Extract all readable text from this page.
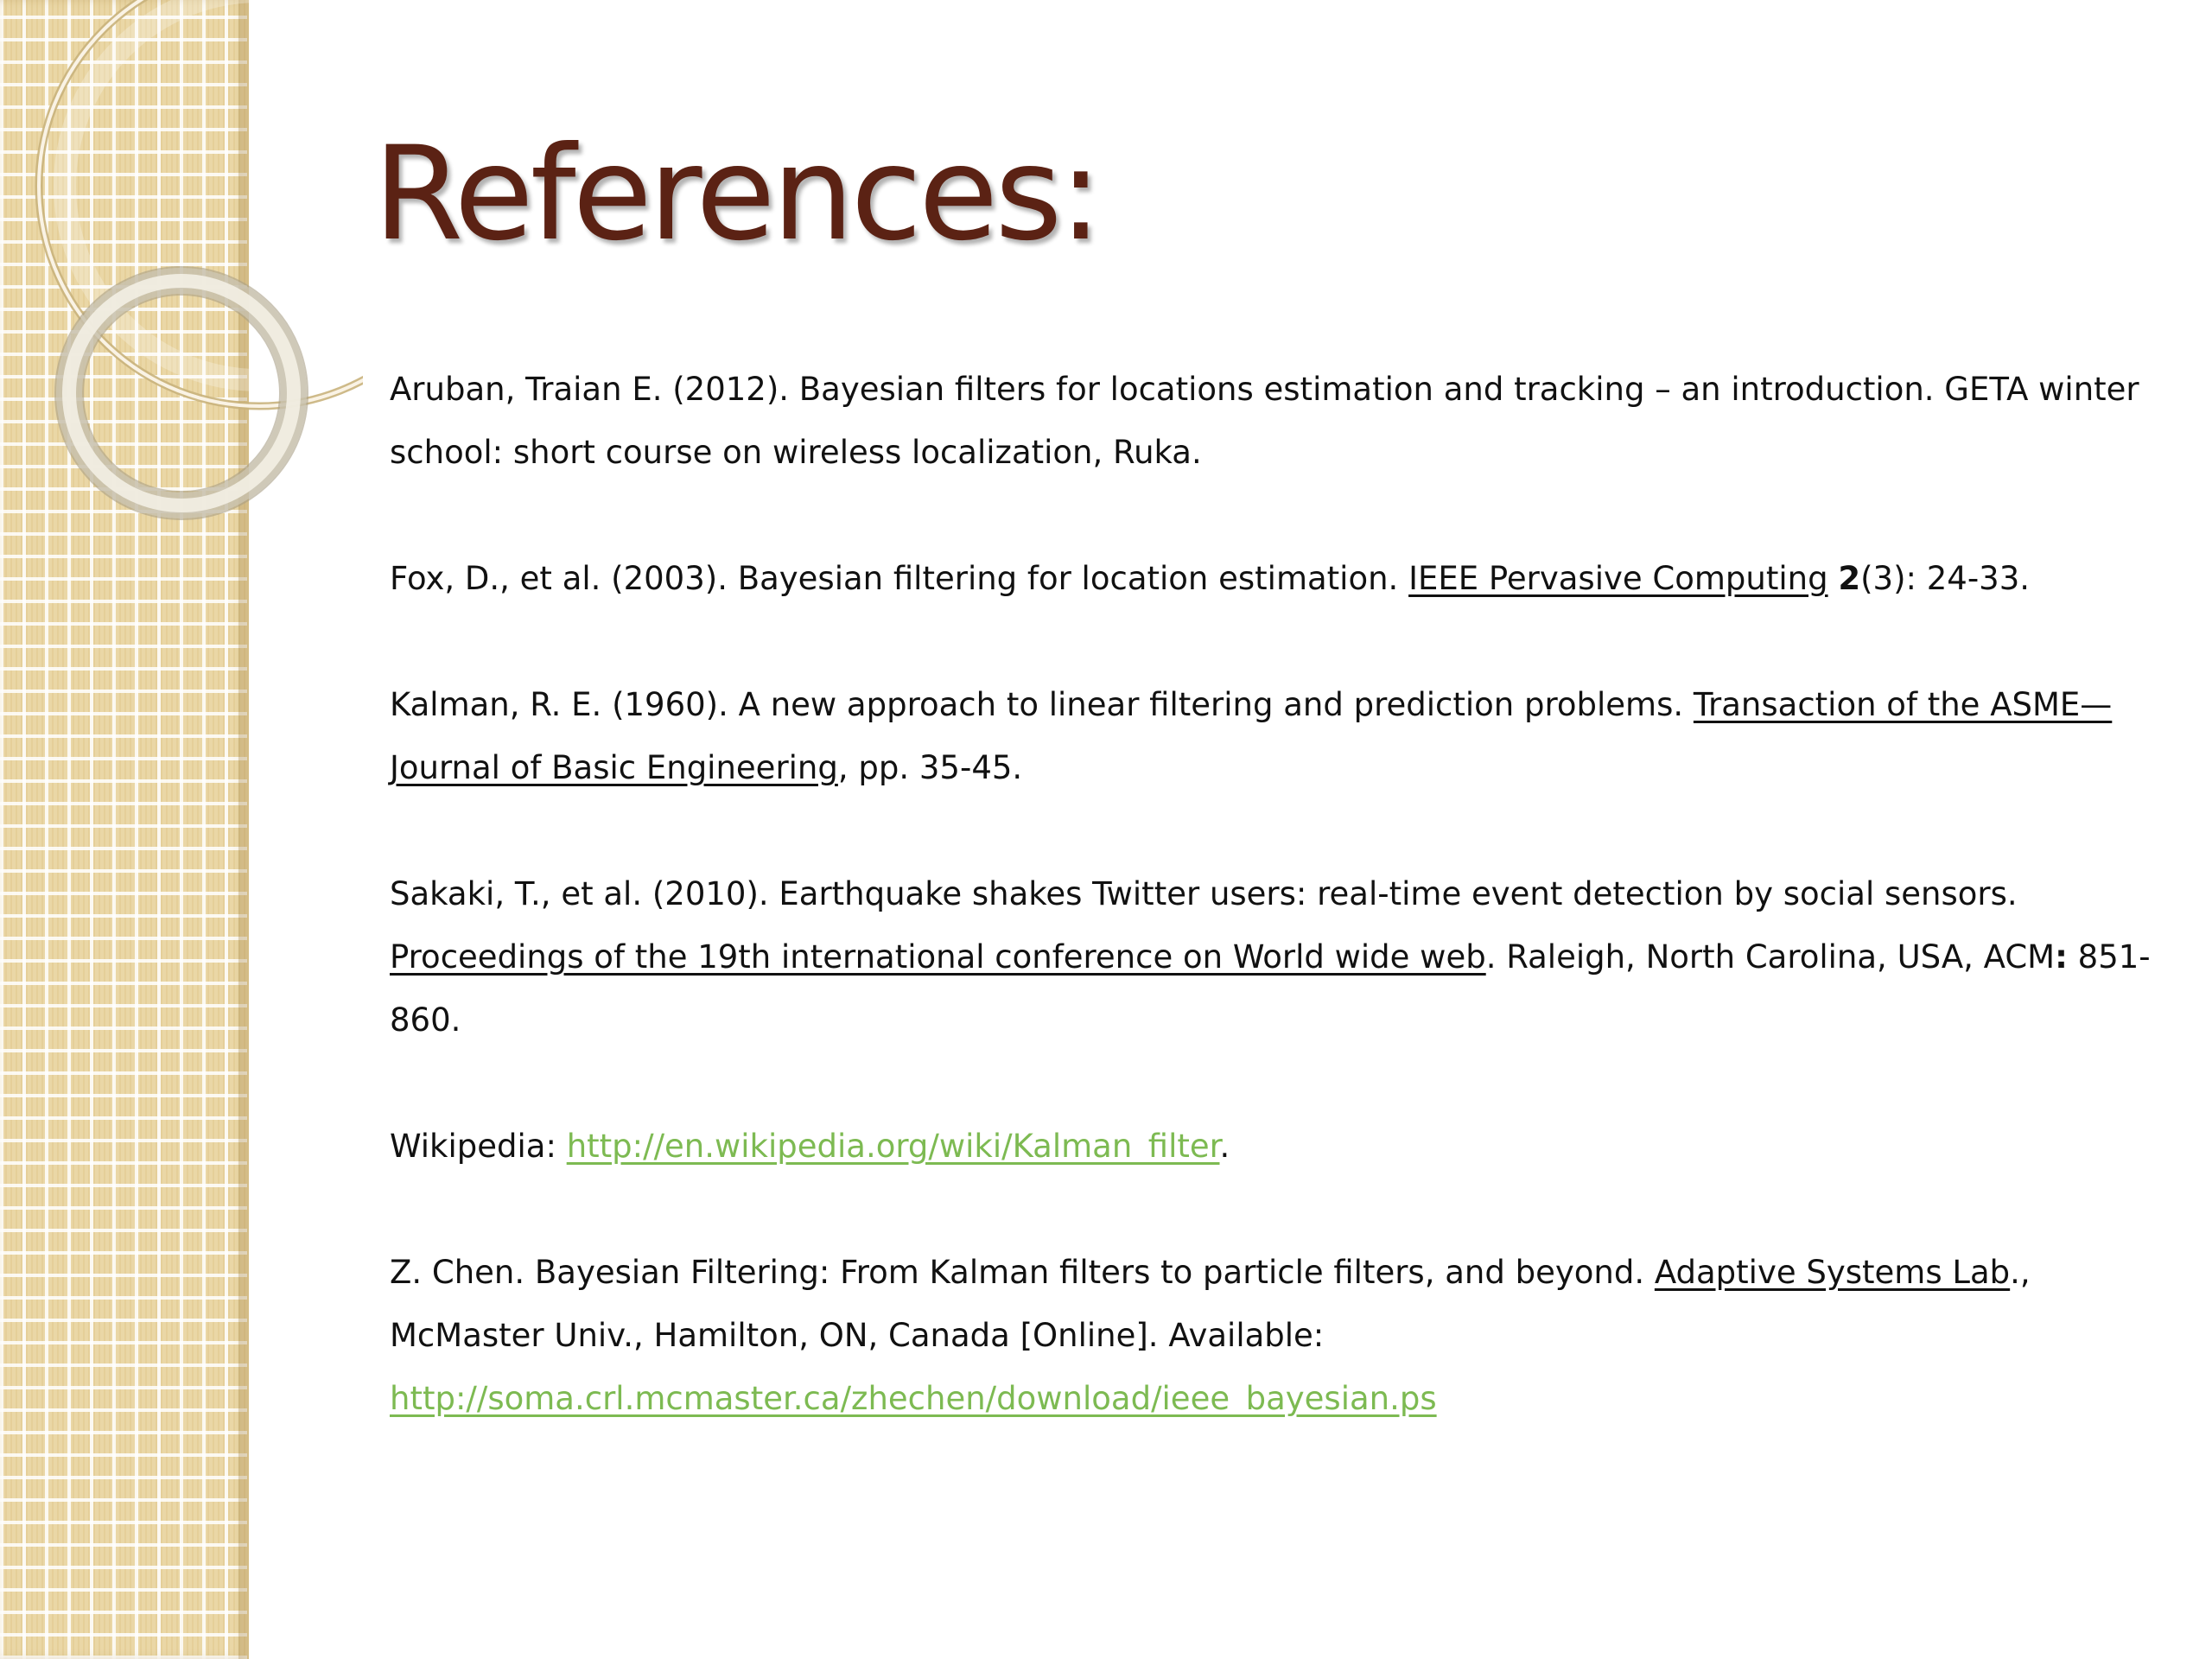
References:

Aruban, Traian E. (2012). Bayesian filters for locations estimation and tracking – an introduction. GETA winter school: short course on wireless localization, Ruka.

Fox, D., et al. (2003). Bayesian filtering for location estimation. IEEE Pervasive Computing 2(3): 24-33.

Kalman, R. E. (1960). A new approach to linear filtering and prediction problems. Transaction of the ASME—Journal of Basic Engineering, pp. 35-45.

Sakaki, T., et al. (2010). Earthquake shakes Twitter users: real-time event detection by social sensors. Proceedings of the 19th international conference on World wide web. Raleigh, North Carolina, USA, ACM: 851-860.

Wikipedia: http://en.wikipedia.org/wiki/Kalman_filter.

Z. Chen. Bayesian Filtering: From Kalman filters to particle filters, and beyond. Adaptive Systems Lab., McMaster Univ., Hamilton, ON, Canada [Online]. Available: http://soma.crl.mcmaster.ca/zhechen/download/ieee_bayesian.ps
